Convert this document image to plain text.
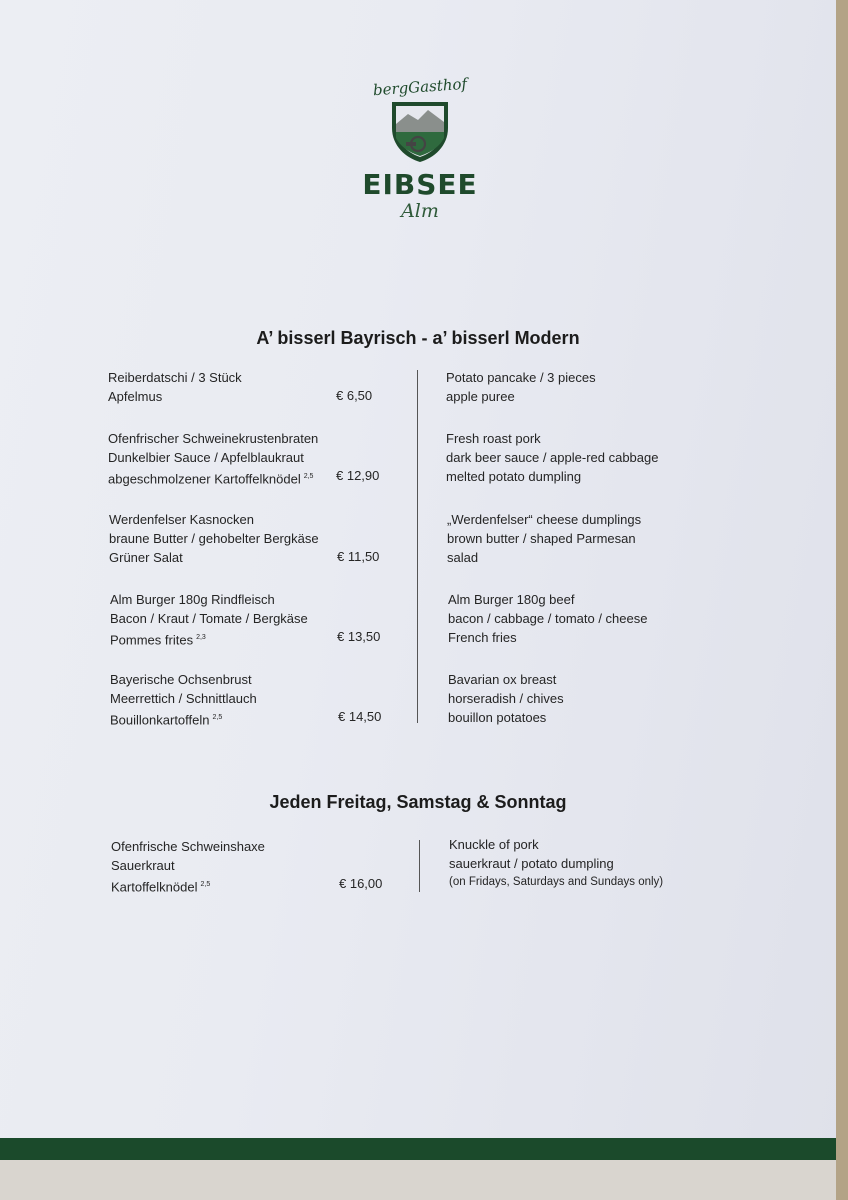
bergGasthof
EIBSEE
Alm
A’ bisserl Bayrisch - a’ bisserl Modern
Reiberdatschi / 3 Stück
Apfelmus	€ 6,50
Potato pancake / 3 pieces
apple puree
Ofenfrischer Schweinekrustenbraten
Dunkelbier Sauce / Apfelblaukraut
abgeschmolzener Kartoffelknödel $^{2,5}$	€ 12,90
Fresh roast pork
dark beer sauce / apple-red cabbage
melted potato dumpling
Werdenfelser Kasnocken
braune Butter / gehobelter Bergkäse
Grüner Salat	€ 11,50
„Werdenfelser“ cheese dumplings
brown butter / shaped Parmesan
salad
Alm Burger 180g Rindfleisch
Bacon / Kraut / Tomate / Bergkäse
Pommes frites $^{2,3}$	€ 13,50
Alm Burger 180g beef
bacon / cabbage / tomato / cheese
French fries
Bayerische Ochsenbrust
Meerrettich / Schnittlauch
Bouillonkartoffeln $^{2,5}$	€ 14,50
Bavarian ox breast
horseradish / chives
bouillon potatoes
Jeden Freitag, Samstag & Sonntag
Ofenfrische Schweinshaxe
Sauerkraut
Kartoffelknödel $^{2,5}$	€ 16,00
Knuckle of pork
sauerkraut / potato dumpling
(on Fridays, Saturdays and Sundays only)
